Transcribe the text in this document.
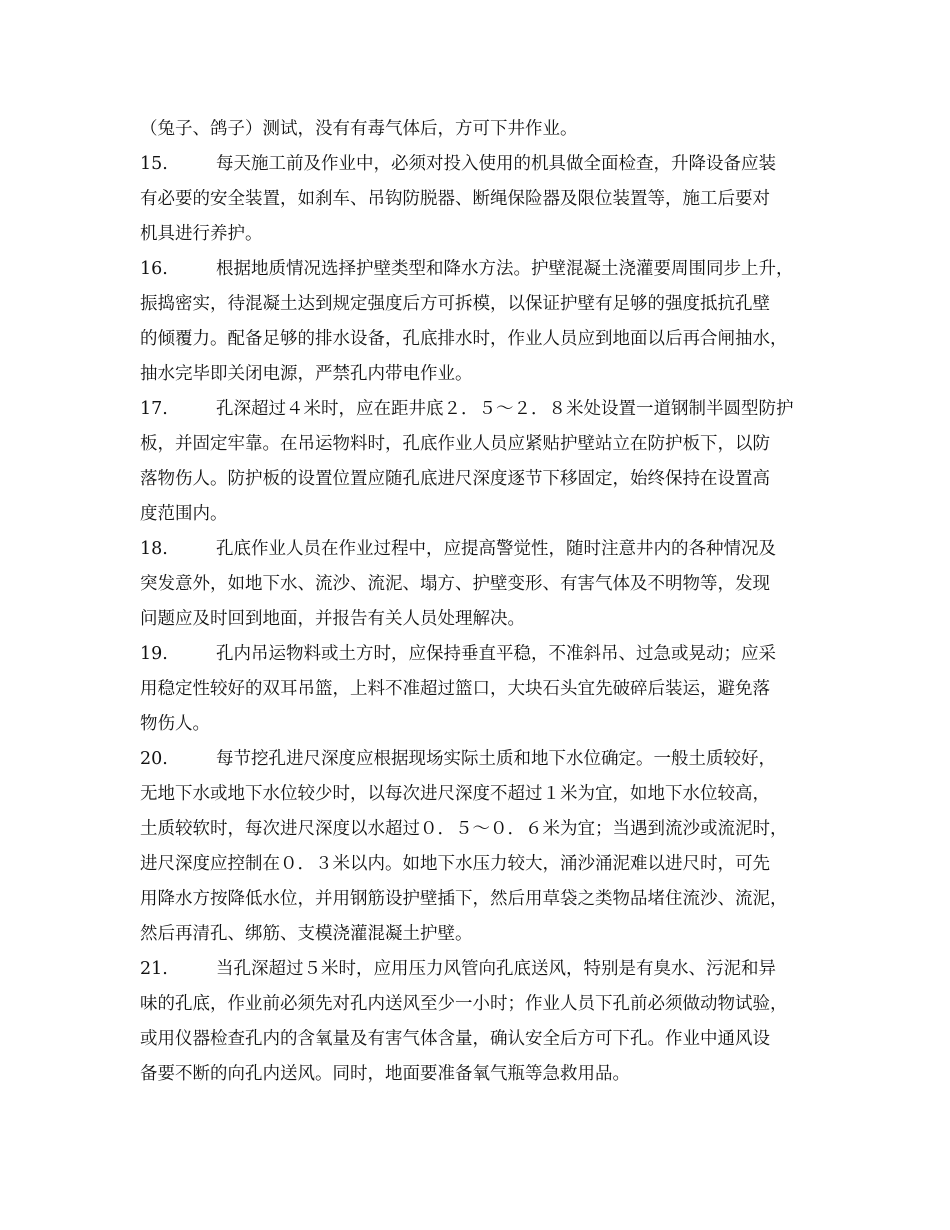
（兔子、鸽子）测试，没有有毒气体后，方可下井作业。
15.	每天施工前及作业中，必须对投入使用的机具做全面检查，升降设备应装
有必要的安全装置，如刹车、吊钩防脱器、断绳保险器及限位装置等，施工后要对
机具进行养护。
16.	根据地质情况选择护壁类型和降水方法。护壁混凝土浇灌要周围同步上升，
振捣密实，待混凝土达到规定强度后方可拆模，以保证护壁有足够的强度抵抗孔壁
的倾覆力。配备足够的排水设备，孔底排水时，作业人员应到地面以后再合闸抽水，
抽水完毕即关闭电源，严禁孔内带电作业。
17.	孔深超过４米时，应在距井底２．５～２．８米处设置一道钢制半圆型防护
板，并固定牢靠。在吊运物料时，孔底作业人员应紧贴护壁站立在防护板下，以防
落物伤人。防护板的设置位置应随孔底进尺深度逐节下移固定，始终保持在设置高
度范围内。
18.	孔底作业人员在作业过程中，应提高警觉性，随时注意井内的各种情况及
突发意外，如地下水、流沙、流泥、塌方、护壁变形、有害气体及不明物等，发现
问题应及时回到地面，并报告有关人员处理解决。
19.	孔内吊运物料或土方时，应保持垂直平稳，不准斜吊、过急或晃动；应采
用稳定性较好的双耳吊篮，上料不准超过篮口，大块石头宜先破碎后装运，避免落
物伤人。
20.	每节挖孔进尺深度应根据现场实际土质和地下水位确定。一般土质较好，
无地下水或地下水位较少时，以每次进尺深度不超过１米为宜，如地下水位较高，
土质较软时，每次进尺深度以水超过０．５～０．６米为宜；当遇到流沙或流泥时，
进尺深度应控制在０．３米以内。如地下水压力较大，涌沙涌泥难以进尺时，可先
用降水方按降低水位，并用钢筋设护壁插下，然后用草袋之类物品堵住流沙、流泥，
然后再清孔、绑筋、支模浇灌混凝土护壁。
21.	当孔深超过５米时，应用压力风管向孔底送风，特别是有臭水、污泥和异
味的孔底，作业前必须先对孔内送风至少一小时；作业人员下孔前必须做动物试验，
或用仪器检查孔内的含氧量及有害气体含量，确认安全后方可下孔。作业中通风设
备要不断的向孔内送风。同时，地面要准备氧气瓶等急救用品。
